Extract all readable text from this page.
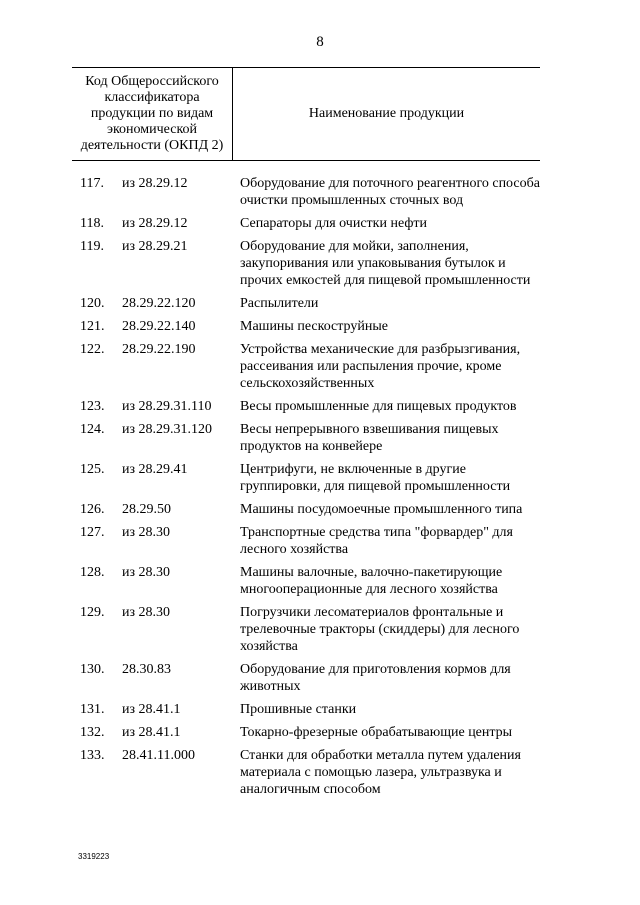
8
Код Общероссийского классификатора продукции по видам экономической деятельности (ОКПД 2)
Наименование продукции
117. из 28.29.12	Оборудование для поточного реагентного способа очистки промышленных сточных вод
118. из 28.29.12	Сепараторы для очистки нефти
119. из 28.29.21	Оборудование для мойки, заполнения, закупоривания или упаковывания бутылок и прочих емкостей для пищевой промышленности
120. 28.29.22.120	Распылители
121. 28.29.22.140	Машины пескоструйные
122. 28.29.22.190	Устройства механические для разбрызгивания, рассеивания или распыления прочие, кроме сельскохозяйственных
123. из 28.29.31.110 Весы промышленные для пищевых продуктов
124. из 28.29.31.120 Весы непрерывного взвешивания пищевых продуктов на конвейере
125. из 28.29.41	Центрифуги, не включенные в другие группировки, для пищевой промышленности
126. 28.29.50	Машины посудомоечные промышленного типа
127. из 28.30	Транспортные средства типа "форвардер" для лесного хозяйства
128. из 28.30	Машины валочные, валочно-пакетирующие многооперационные для лесного хозяйства
129. из 28.30	Погрузчики лесоматериалов фронтальные и трелевочные тракторы (скиддеры) для лесного хозяйства
130. 28.30.83	Оборудование для приготовления кормов для животных
131. из 28.41.1	Прошивные станки
132. из 28.41.1	Токарно-фрезерные обрабатывающие центры
133. 28.41.11.000	Станки для обработки металла путем удаления материала с помощью лазера, ультразвука и аналогичным способом
3319223
